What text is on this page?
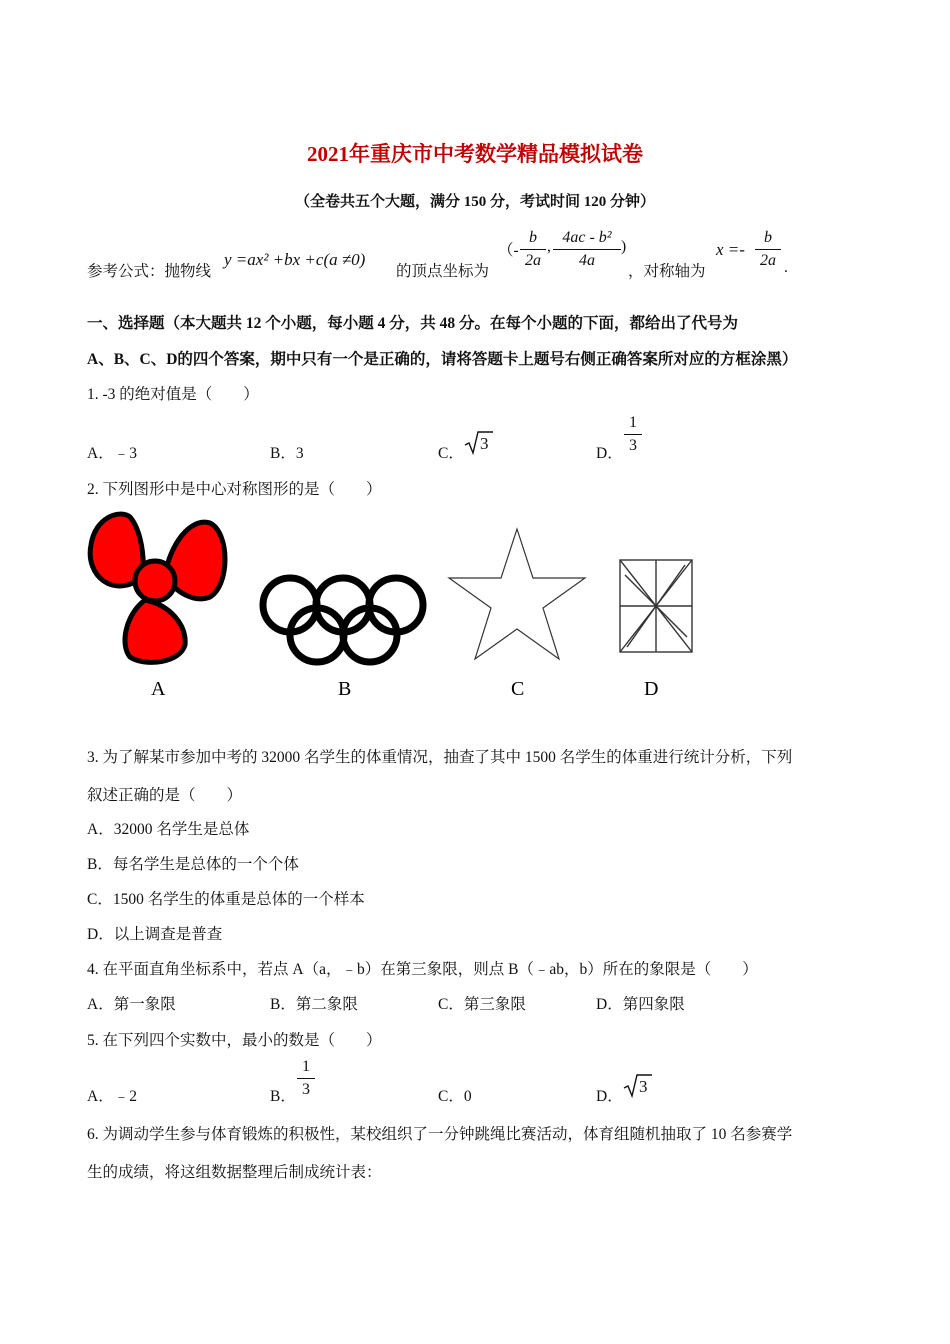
2021年重庆市中考数学精品模拟试卷
（全卷共五个大题，满分 150 分，考试时间 120 分钟）
参考公式：抛物线
y =ax² +bx +c(a ≠0)
的顶点坐标为
（-
b
2a
,
4ac - b²
4a
)
，对称轴为
x =-
b
2a .
一、选择题（本大题共 12 个小题，每小题 4 分，共 48 分。在每个小题的下面，都给出了代号为
A、B、C、D的四个答案，期中只有一个是正确的，请将答题卡上题号右侧正确答案所对应的方框涂黑）
1. -3 的绝对值是（　　）
A．﹣3	B．3	C．
3
D．
1
3
2. 下列图形中是中心对称图形的是（　　）
A	B	C	D
3. 为了解某市参加中考的 32000 名学生的体重情况，抽查了其中 1500 名学生的体重进行统计分析，下列
叙述正确的是（　　）
A．32000 名学生是总体
B．每名学生是总体的一个个体
C．1500 名学生的体重是总体的一个样本
D．以上调查是普查
4. 在平面直角坐标系中，若点 A（a，﹣b）在第三象限，则点 B（﹣ab，b）所在的象限是（　　）
A．第一象限	B．第二象限	C．第三象限	D．第四象限
5. 在下列四个实数中，最小的数是（　　）
A．﹣2	B．
1
3	C．0	D．
3
6. 为调动学生参与体育锻炼的积极性，某校组织了一分钟跳绳比赛活动，体育组随机抽取了 10 名参赛学
生的成绩，将这组数据整理后制成统计表：
